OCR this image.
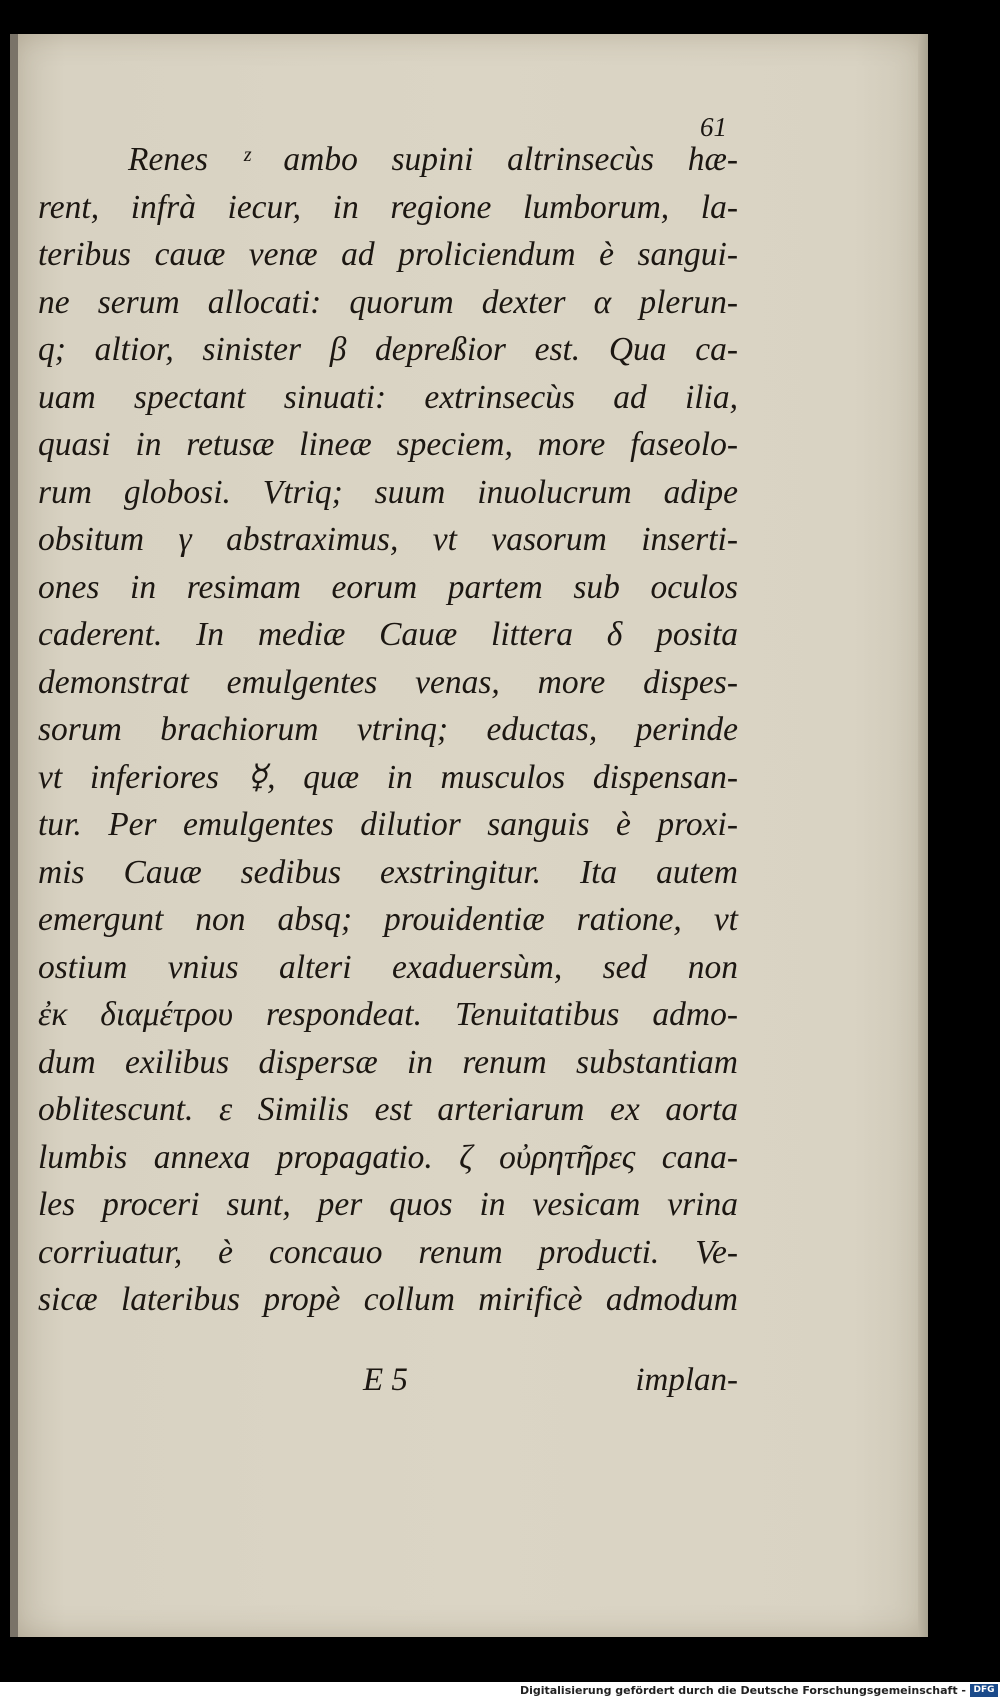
61
Renes ᶻ ambo supini altrinsecùs hæ-
rent, infrà iecur, in regione lumborum, la-
teribus cauæ venæ ad proliciendum è sangui-
ne serum allocati: quorum dexter α plerun-
q; altior, sinister β depreßior est. Qua ca-
uam spectant sinuati: extrinsecùs ad ilia,
quasi in retusæ lineæ speciem, more faseolo-
rum globosi. Vtriq; suum inuolucrum adipe
obsitum γ abstraximus, vt vasorum inserti-
ones in resimam eorum partem sub oculos
caderent. In mediæ Cauæ littera δ posita
demonstrat emulgentes venas, more dispes-
sorum brachiorum vtrinq; eductas, perinde
vt inferiores ☿, quæ in musculos dispensan-
tur. Per emulgentes dilutior sanguis è proxi-
mis Cauæ sedibus exstringitur. Ita autem
emergunt non absq; prouidentiæ ratione, vt
ostium vnius alteri exaduersùm, sed non
ἐκ διαμέτρου respondeat. Tenuitatibus admo-
dum exilibus dispersæ in renum substantiam
oblitescunt. ε Similis est arteriarum ex aorta
lumbis annexa propagatio. ζ οὐρητῆρες cana-
les proceri sunt, per quos in vesicam vrina
corriuatur, è concauo renum producti. Ve-
sicæ lateribus propè collum mirificè admodum
E 5	implan-
Digitalisierung gefördert durch die Deutsche Forschungsgemeinschaft - DFG
